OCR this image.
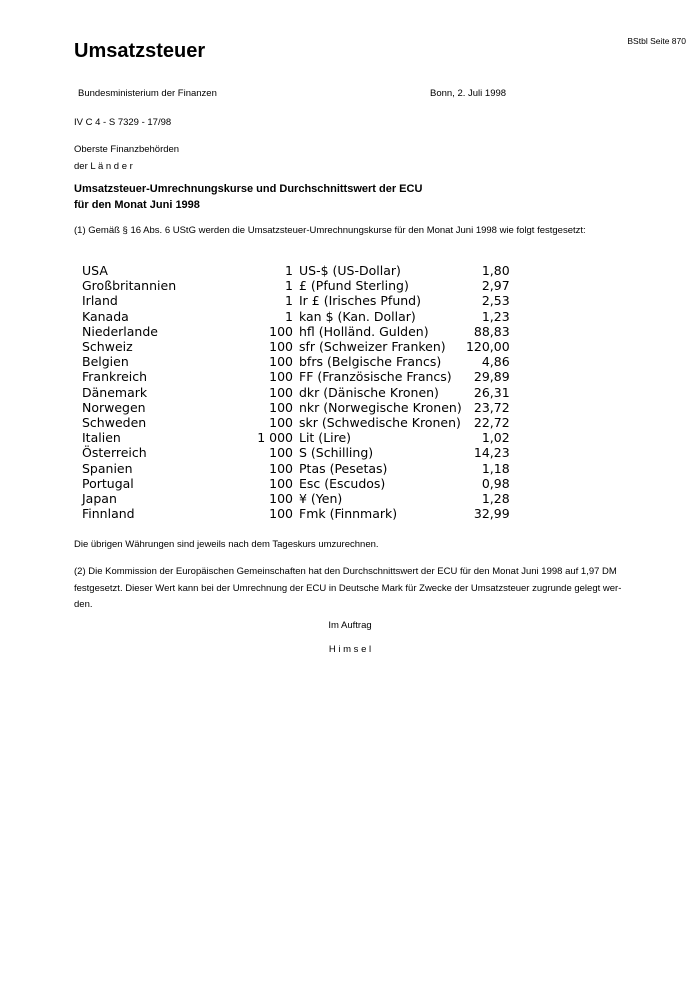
BStbl Seite 870
Umsatzsteuer
Bundesministerium der Finanzen	Bonn, 2. Juli 1998
IV C 4 - S 7329 - 17/98
Oberste Finanzbehörden
der L ä n d e r
Umsatzsteuer-Umrechnungskurse und Durchschnittswert der ECU
für den Monat Juni 1998
(1) Gemäß § 16 Abs. 6 UStG werden die Umsatzsteuer-Umrechnungskurse für den Monat Juni 1998 wie folgt festgesetzt:
USA	1	US-$ (US-Dollar)	1,80
Großbritannien	1	£ (Pfund Sterling)	2,97
Irland	1	Ir £ (Irisches Pfund)	2,53
Kanada	1	kan $ (Kan. Dollar)	1,23
Niederlande	100	hfl (Holländ. Gulden)	88,83
Schweiz	100	sfr (Schweizer Franken)	120,00
Belgien	100	bfrs (Belgische Francs)	4,86
Frankreich	100	FF (Französische Francs)	29,89
Dänemark	100	dkr (Dänische Kronen)	26,31
Norwegen	100	nkr (Norwegische Kronen)	23,72
Schweden	100	skr (Schwedische Kronen)	22,72
Italien	1 000	Lit (Lire)	1,02
Österreich	100	S (Schilling)	14,23
Spanien	100	Ptas (Pesetas)	1,18
Portugal	100	Esc (Escudos)	0,98
Japan	100	¥ (Yen)	1,28
Finnland	100	Fmk (Finnmark)	32,99
Die übrigen Währungen sind jeweils nach dem Tageskurs umzurechnen.
(2) Die Kommission der Europäischen Gemeinschaften hat den Durchschnittswert der ECU für den Monat Juni 1998 auf 1,97 DM
festgesetzt. Dieser Wert kann bei der Umrechnung der ECU in Deutsche Mark für Zwecke der Umsatzsteuer zugrunde gelegt wer-
den.
Im Auftrag
H i m s e l
